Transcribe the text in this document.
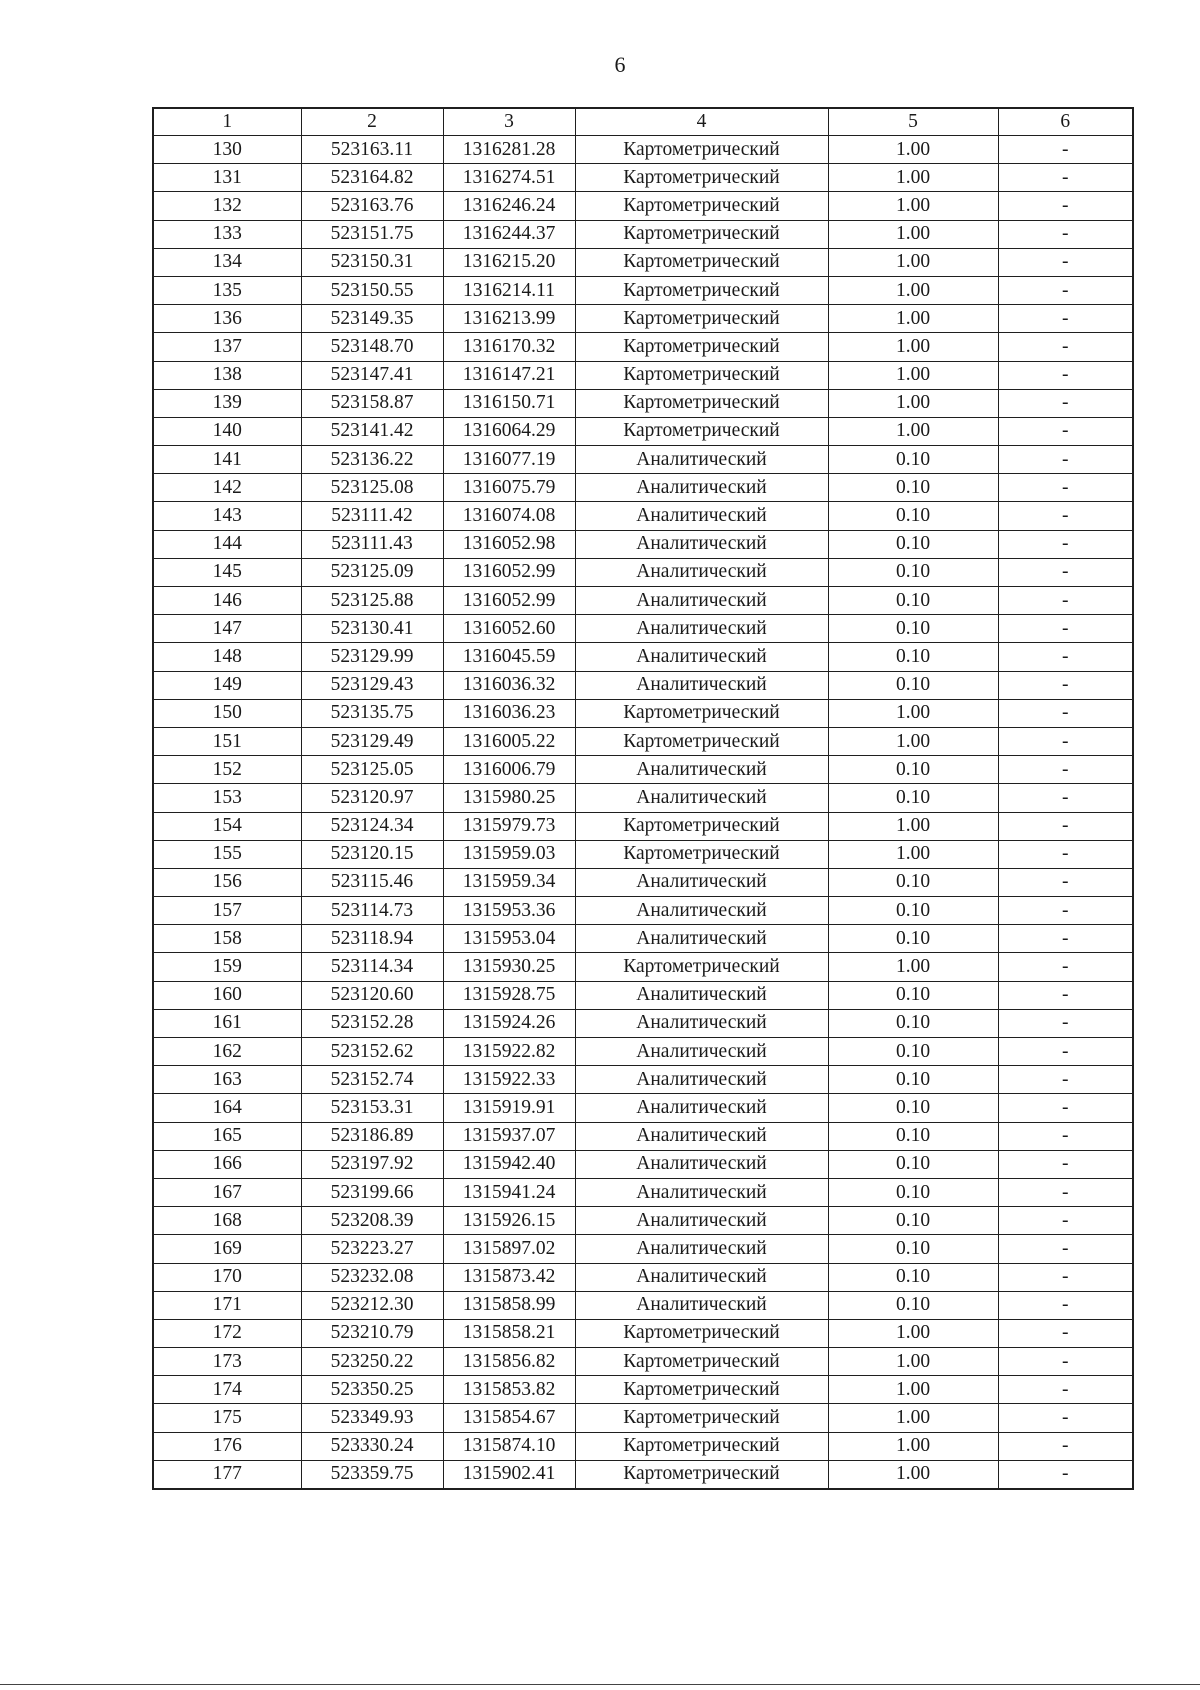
6
1	2	3	4	5	6
130	523163.11	1316281.28	Картометрический	1.00	-
131	523164.82	1316274.51	Картометрический	1.00	-
132	523163.76	1316246.24	Картометрический	1.00	-
133	523151.75	1316244.37	Картометрический	1.00	-
134	523150.31	1316215.20	Картометрический	1.00	-
135	523150.55	1316214.11	Картометрический	1.00	-
136	523149.35	1316213.99	Картометрический	1.00	-
137	523148.70	1316170.32	Картометрический	1.00	-
138	523147.41	1316147.21	Картометрический	1.00	-
139	523158.87	1316150.71	Картометрический	1.00	-
140	523141.42	1316064.29	Картометрический	1.00	-
141	523136.22	1316077.19	Аналитический	0.10	-
142	523125.08	1316075.79	Аналитический	0.10	-
143	523111.42	1316074.08	Аналитический	0.10	-
144	523111.43	1316052.98	Аналитический	0.10	-
145	523125.09	1316052.99	Аналитический	0.10	-
146	523125.88	1316052.99	Аналитический	0.10	-
147	523130.41	1316052.60	Аналитический	0.10	-
148	523129.99	1316045.59	Аналитический	0.10	-
149	523129.43	1316036.32	Аналитический	0.10	-
150	523135.75	1316036.23	Картометрический	1.00	-
151	523129.49	1316005.22	Картометрический	1.00	-
152	523125.05	1316006.79	Аналитический	0.10	-
153	523120.97	1315980.25	Аналитический	0.10	-
154	523124.34	1315979.73	Картометрический	1.00	-
155	523120.15	1315959.03	Картометрический	1.00	-
156	523115.46	1315959.34	Аналитический	0.10	-
157	523114.73	1315953.36	Аналитический	0.10	-
158	523118.94	1315953.04	Аналитический	0.10	-
159	523114.34	1315930.25	Картометрический	1.00	-
160	523120.60	1315928.75	Аналитический	0.10	-
161	523152.28	1315924.26	Аналитический	0.10	-
162	523152.62	1315922.82	Аналитический	0.10	-
163	523152.74	1315922.33	Аналитический	0.10	-
164	523153.31	1315919.91	Аналитический	0.10	-
165	523186.89	1315937.07	Аналитический	0.10	-
166	523197.92	1315942.40	Аналитический	0.10	-
167	523199.66	1315941.24	Аналитический	0.10	-
168	523208.39	1315926.15	Аналитический	0.10	-
169	523223.27	1315897.02	Аналитический	0.10	-
170	523232.08	1315873.42	Аналитический	0.10	-
171	523212.30	1315858.99	Аналитический	0.10	-
172	523210.79	1315858.21	Картометрический	1.00	-
173	523250.22	1315856.82	Картометрический	1.00	-
174	523350.25	1315853.82	Картометрический	1.00	-
175	523349.93	1315854.67	Картометрический	1.00	-
176	523330.24	1315874.10	Картометрический	1.00	-
177	523359.75	1315902.41	Картометрический	1.00	-
